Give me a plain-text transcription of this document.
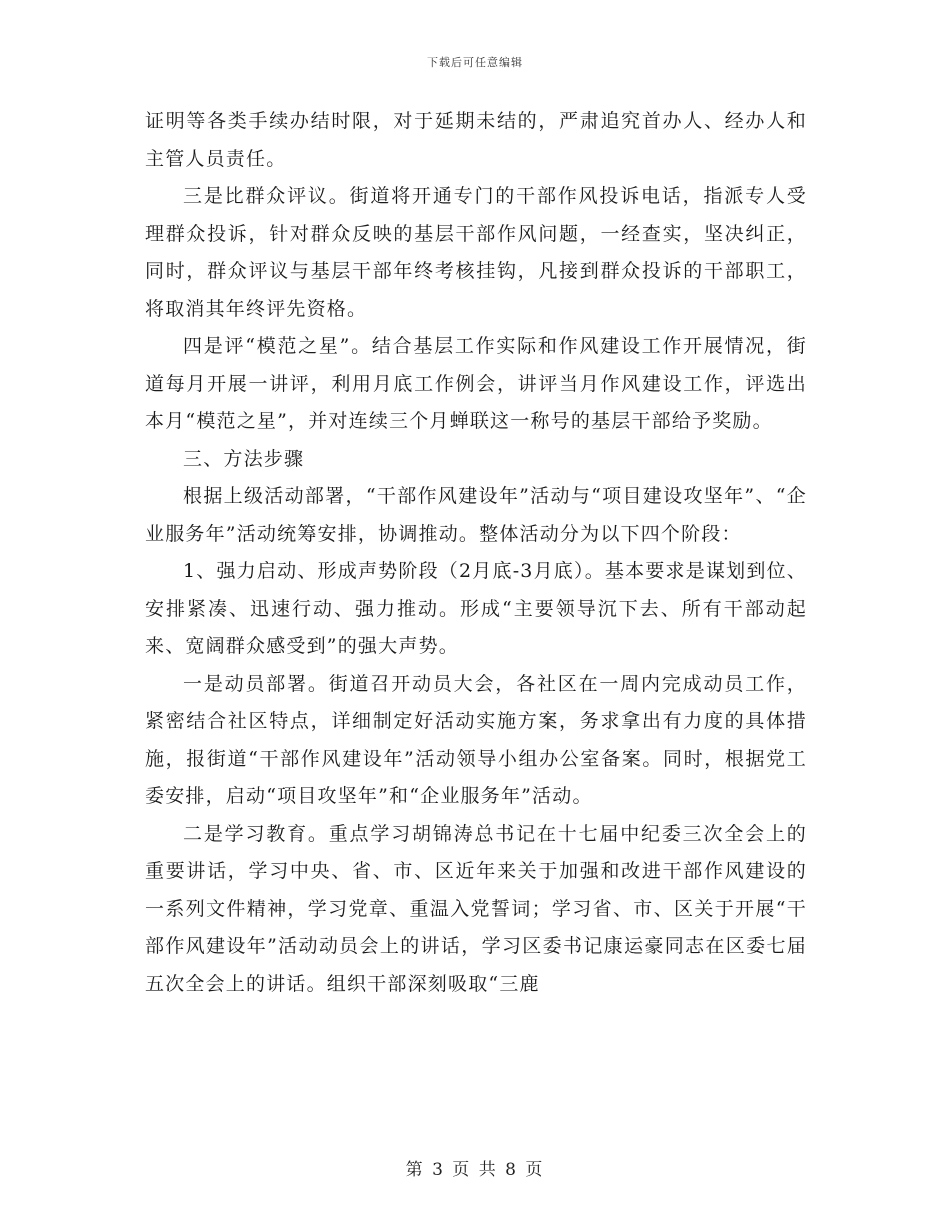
下载后可任意编辑

证明等各类手续办结时限，对于延期未结的，严肃追究首办人、经办人和主管人员责任。

三是比群众评议。街道将开通专门的干部作风投诉电话，指派专人受理群众投诉，针对群众反映的基层干部作风问题，一经查实，坚决纠正，同时，群众评议与基层干部年终考核挂钩，凡接到群众投诉的干部职工，将取消其年终评先资格。

四是评“模范之星”。结合基层工作实际和作风建设工作开展情况，街道每月开展一讲评，利用月底工作例会，讲评当月作风建设工作，评选出本月“模范之星”，并对连续三个月蝉联这一称号的基层干部给予奖励。

三、方法步骤

根据上级活动部署，“干部作风建设年”活动与“项目建设攻坚年”、“企业服务年”活动统筹安排，协调推动。整体活动分为以下四个阶段：

1、强力启动、形成声势阶段（2月底-3月底）。基本要求是谋划到位、安排紧凑、迅速行动、强力推动。形成“主要领导沉下去、所有干部动起来、宽阔群众感受到”的强大声势。

一是动员部署。街道召开动员大会，各社区在一周内完成动员工作，紧密结合社区特点，详细制定好活动实施方案，务求拿出有力度的具体措施，报街道“干部作风建设年”活动领导小组办公室备案。同时，根据党工委安排，启动“项目攻坚年”和“企业服务年”活动。

二是学习教育。重点学习胡锦涛总书记在十七届中纪委三次全会上的重要讲话，学习中央、省、市、区近年来关于加强和改进干部作风建设的一系列文件精神，学习党章、重温入党誓词；学习省、市、区关于开展“干部作风建设年”活动动员会上的讲话，学习区委书记康运豪同志在区委七届五次全会上的讲话。组织干部深刻吸取“三鹿

第 3 页 共 8 页
